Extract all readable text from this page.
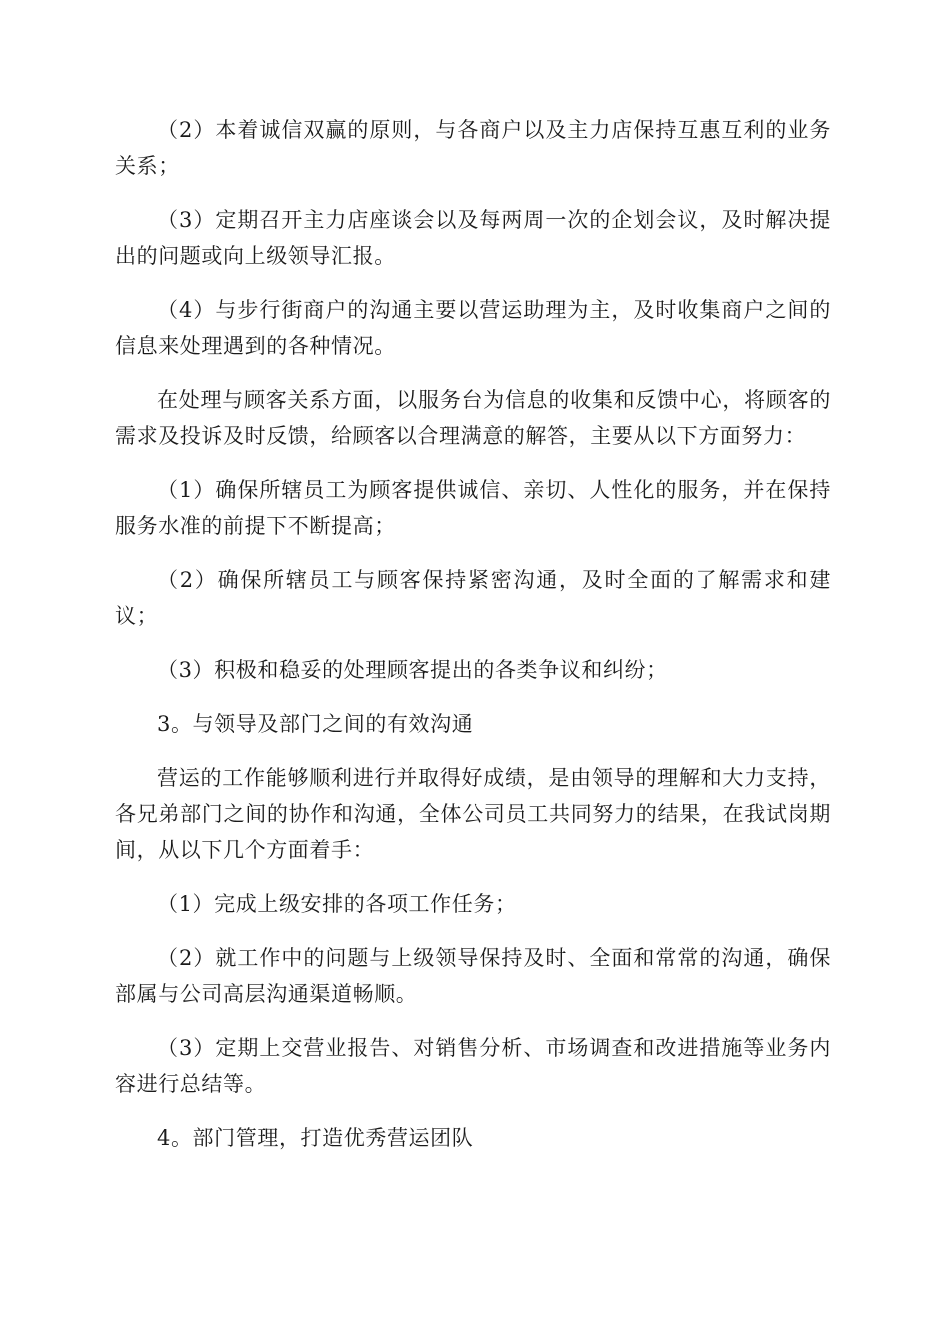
（2）本着诚信双赢的原则，与各商户以及主力店保持互惠互利的业务关系；

（3）定期召开主力店座谈会以及每两周一次的企划会议，及时解决提出的问题或向上级领导汇报。

（4）与步行街商户的沟通主要以营运助理为主，及时收集商户之间的信息来处理遇到的各种情况。

在处理与顾客关系方面，以服务台为信息的收集和反馈中心，将顾客的需求及投诉及时反馈，给顾客以合理满意的解答，主要从以下方面努力：

（1）确保所辖员工为顾客提供诚信、亲切、人性化的服务，并在保持服务水准的前提下不断提高；

（2）确保所辖员工与顾客保持紧密沟通，及时全面的了解需求和建议；

（3）积极和稳妥的处理顾客提出的各类争议和纠纷；

3。与领导及部门之间的有效沟通

营运的工作能够顺利进行并取得好成绩，是由领导的理解和大力支持，各兄弟部门之间的协作和沟通，全体公司员工共同努力的结果，在我试岗期间，从以下几个方面着手：

（1）完成上级安排的各项工作任务；

（2）就工作中的问题与上级领导保持及时、全面和常常的沟通，确保部属与公司高层沟通渠道畅顺。

（3）定期上交营业报告、对销售分析、市场调查和改进措施等业务内容进行总结等。

4。部门管理，打造优秀营运团队
